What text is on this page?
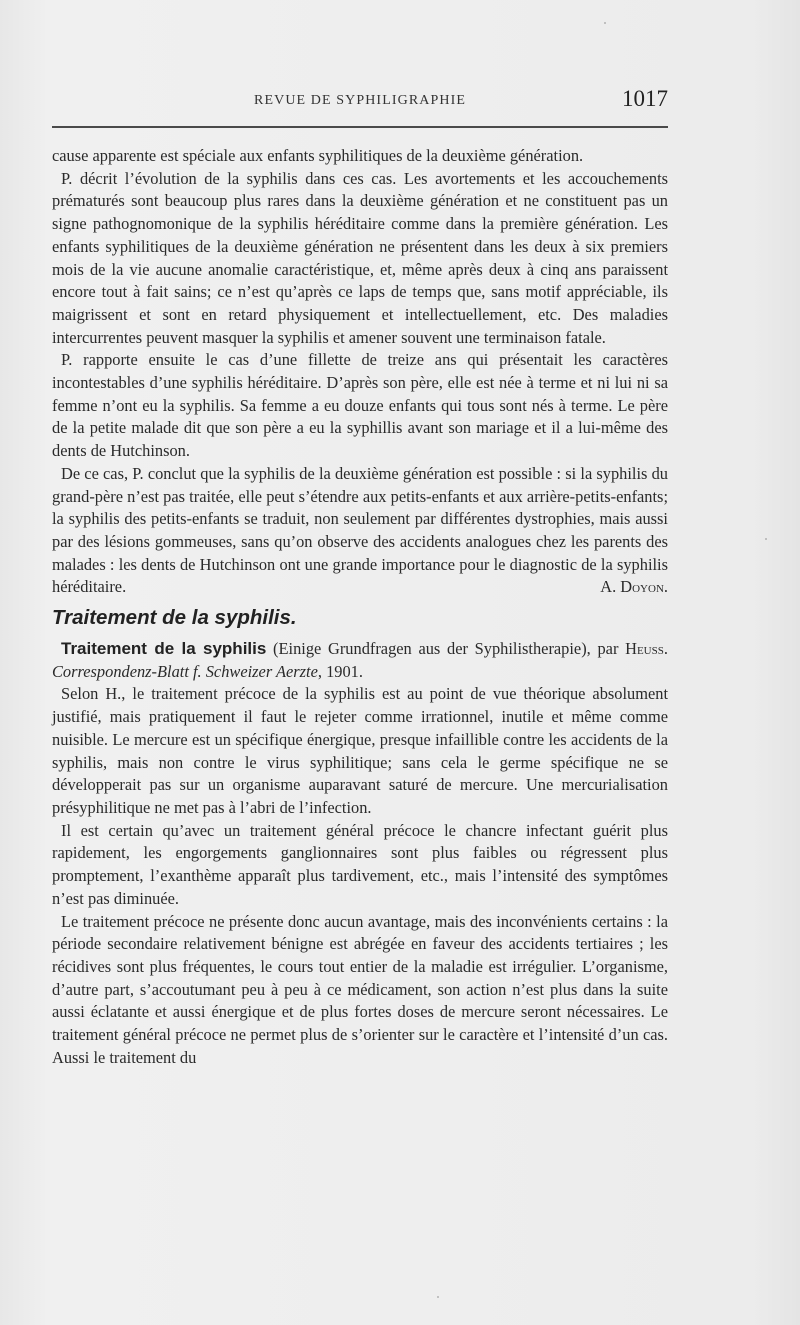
REVUE DE SYPHILIGRAPHIE	1017

cause apparente est spéciale aux enfants syphilitiques de la deuxième génération.

P. décrit l’évolution de la syphilis dans ces cas. Les avortements et les accouchements prématurés sont beaucoup plus rares dans la deuxième génération et ne constituent pas un signe pathognomonique de la syphilis héréditaire comme dans la première génération. Les enfants syphilitiques de la deuxième génération ne présentent dans les deux à six premiers mois de la vie aucune anomalie caractéristique, et, même après deux à cinq ans paraissent encore tout à fait sains; ce n’est qu’après ce laps de temps que, sans motif appréciable, ils maigrissent et sont en retard physiquement et intellectuellement, etc. Des maladies intercurrentes peuvent masquer la syphilis et amener souvent une terminaison fatale.

P. rapporte ensuite le cas d’une fillette de treize ans qui présentait les caractères incontestables d’une syphilis héréditaire. D’après son père, elle est née à terme et ni lui ni sa femme n’ont eu la syphilis. Sa femme a eu douze enfants qui tous sont nés à terme. Le père de la petite malade dit que son père a eu la syphillis avant son mariage et il a lui-même des dents de Hutchinson.

De ce cas, P. conclut que la syphilis de la deuxième génération est possible : si la syphilis du grand-père n’est pas traitée, elle peut s’étendre aux petits-enfants et aux arrière-petits-enfants; la syphilis des petits-enfants se traduit, non seulement par différentes dystrophies, mais aussi par des lésions gommeuses, sans qu’on observe des accidents analogues chez les parents des malades : les dents de Hutchinson ont une grande importance pour le diagnostic de la syphilis héréditaire.	A. Doyon.

Traitement de la syphilis.

Traitement de la syphilis (Einige Grundfragen aus der Syphilistherapie), par Heuss. Correspondenz-Blatt f. Schweizer Aerzte, 1901.

Selon H., le traitement précoce de la syphilis est au point de vue théorique absolument justifié, mais pratiquement il faut le rejeter comme irrationnel, inutile et même comme nuisible. Le mercure est un spécifique énergique, presque infaillible contre les accidents de la syphilis, mais non contre le virus syphilitique; sans cela le germe spécifique ne se développerait pas sur un organisme auparavant saturé de mercure. Une mercurialisation présyphilitique ne met pas à l’abri de l’infection.

Il est certain qu’avec un traitement général précoce le chancre infectant guérit plus rapidement, les engorgements ganglionnaires sont plus faibles ou régressent plus promptement, l’exanthème apparaît plus tardivement, etc., mais l’intensité des symptômes n’est pas diminuée.

Le traitement précoce ne présente donc aucun avantage, mais des inconvénients certains : la période secondaire relativement bénigne est abrégée en faveur des accidents tertiaires ; les récidives sont plus fréquentes, le cours tout entier de la maladie est irrégulier. L’organisme, d’autre part, s’accoutumant peu à peu à ce médicament, son action n’est plus dans la suite aussi éclatante et aussi énergique et de plus fortes doses de mercure seront nécessaires. Le traitement général précoce ne permet plus de s’orienter sur le caractère et l’intensité d’un cas. Aussi le traitement du
